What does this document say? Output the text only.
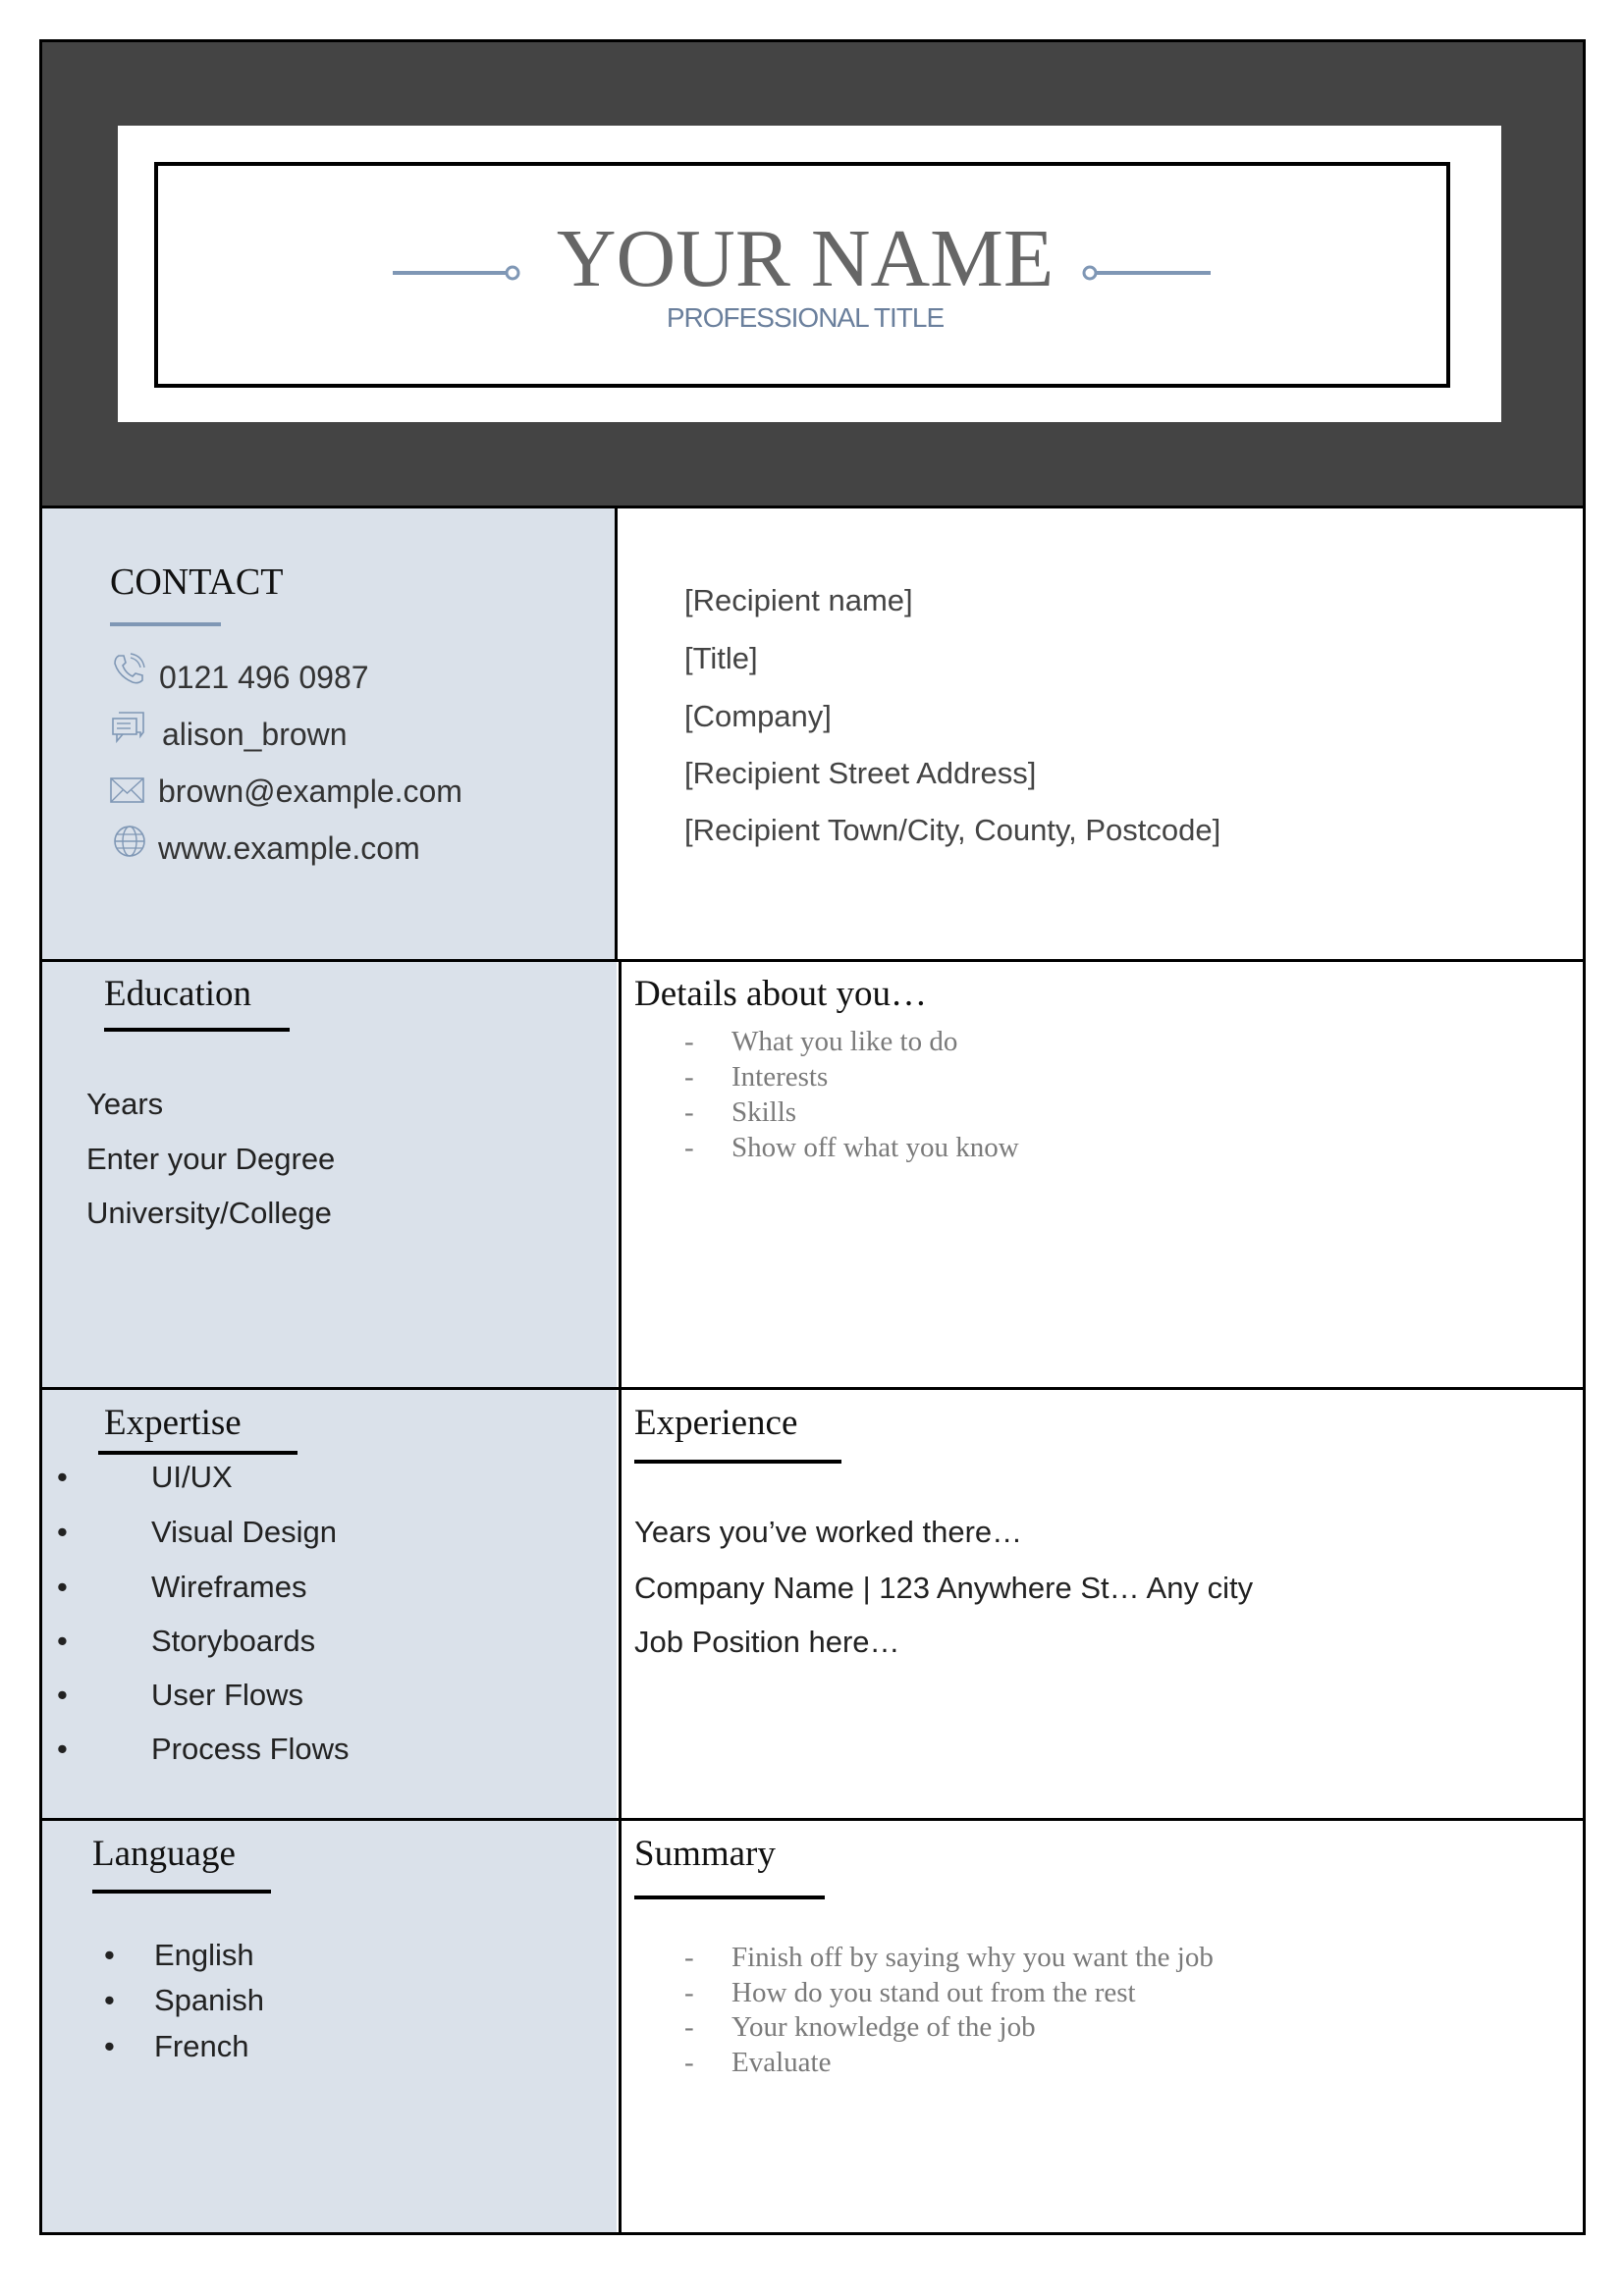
YOUR NAME
PROFESSIONAL TITLE
CONTACT
0121 496 0987
alison_brown
brown@example.com
www.example.com
[Recipient name]
[Title]
[Company]
[Recipient Street Address]
[Recipient Town/City, County, Postcode]
Education
Years
Enter your Degree
University/College
Details about you…
- What you like to do
- Interests
- Skills
- Show off what you know
Expertise
•	UI/UX
•	Visual Design
•	Wireframes
•	Storyboards
•	User Flows
•	Process Flows
Experience
Years you’ve worked there…
Company Name | 123 Anywhere St… Any city
Job Position here…
Language
• English
• Spanish
• French
Summary
- Finish off by saying why you want the job
- How do you stand out from the rest
- Your knowledge of the job
- Evaluate
